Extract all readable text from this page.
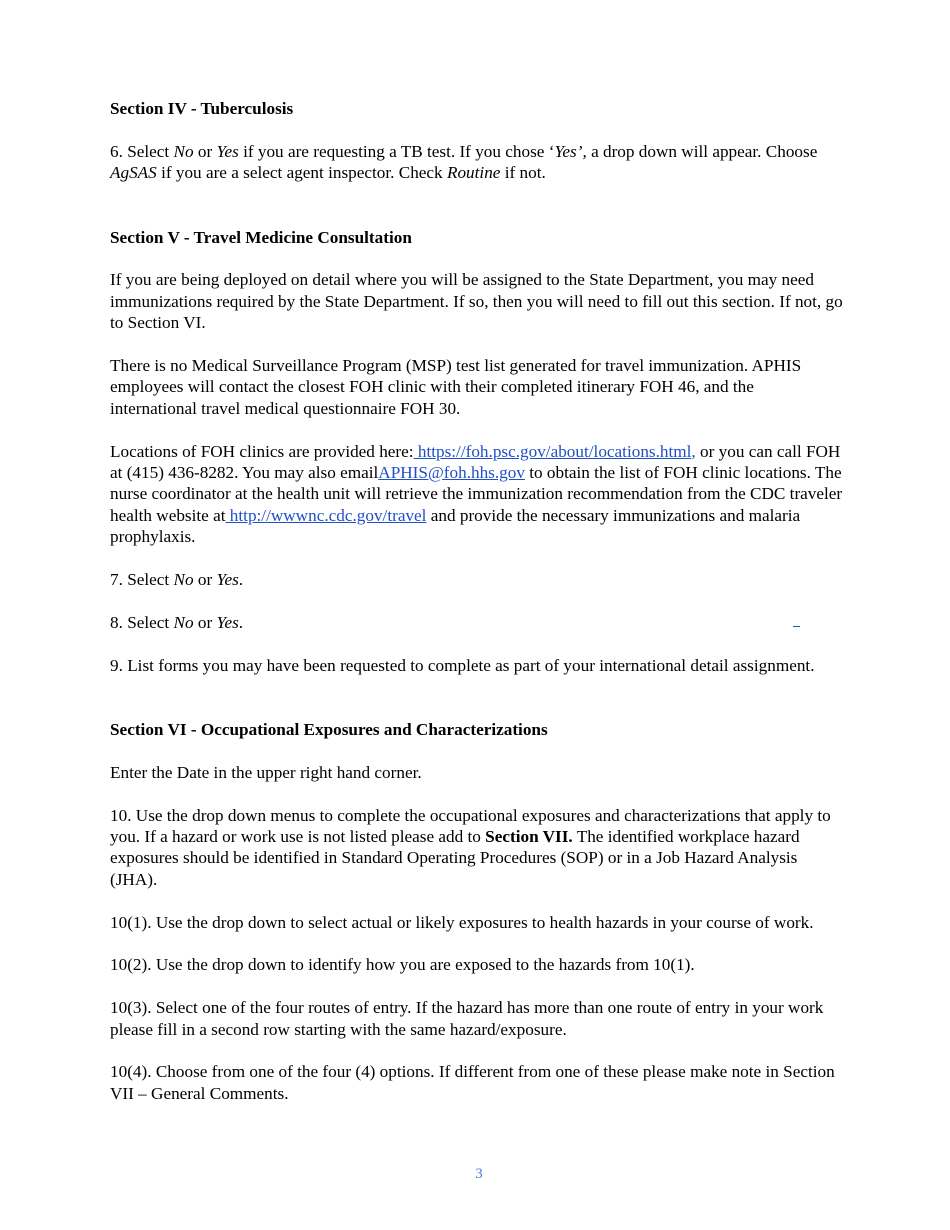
Section IV - Tuberculosis

6. Select No or Yes if you are requesting a TB test. If you chose ‘Yes’, a drop down will appear. Choose AgSAS if you are a select agent inspector. Check Routine if not.

Section V - Travel Medicine Consultation

If you are being deployed on detail where you will be assigned to the State Department, you may need immunizations required by the State Department. If so, then you will need to fill out this section. If not, go to Section VI.

There is no Medical Surveillance Program (MSP) test list generated for travel immunization. APHIS employees will contact the closest FOH clinic with their completed itinerary FOH 46, and the international travel medical questionnaire FOH 30.

Locations of FOH clinics are provided here: https://foh.psc.gov/about/locations.html, or you can call FOH at (415) 436-8282. You may also emailAPHIS@foh.hhs.gov to obtain the list of FOH clinic locations. The nurse coordinator at the health unit will retrieve the immunization recommendation from the CDC traveler health website at http://wwwnc.cdc.gov/travel and provide the necessary immunizations and malaria prophylaxis.

7. Select No or Yes.

8. Select No or Yes.

9. List forms you may have been requested to complete as part of your international detail assignment.

Section VI - Occupational Exposures and Characterizations

Enter the Date in the upper right hand corner.

10. Use the drop down menus to complete the occupational exposures and characterizations that apply to you. If a hazard or work use is not listed please add to Section VII. The identified workplace hazard exposures should be identified in Standard Operating Procedures (SOP) or in a Job Hazard Analysis (JHA).

10(1). Use the drop down to select actual or likely exposures to health hazards in your course of work.

10(2). Use the drop down to identify how you are exposed to the hazards from 10(1).

10(3). Select one of the four routes of entry. If the hazard has more than one route of entry in your work please fill in a second row starting with the same hazard/exposure.

10(4). Choose from one of the four (4) options. If different from one of these please make note in Section VII – General Comments.

3
